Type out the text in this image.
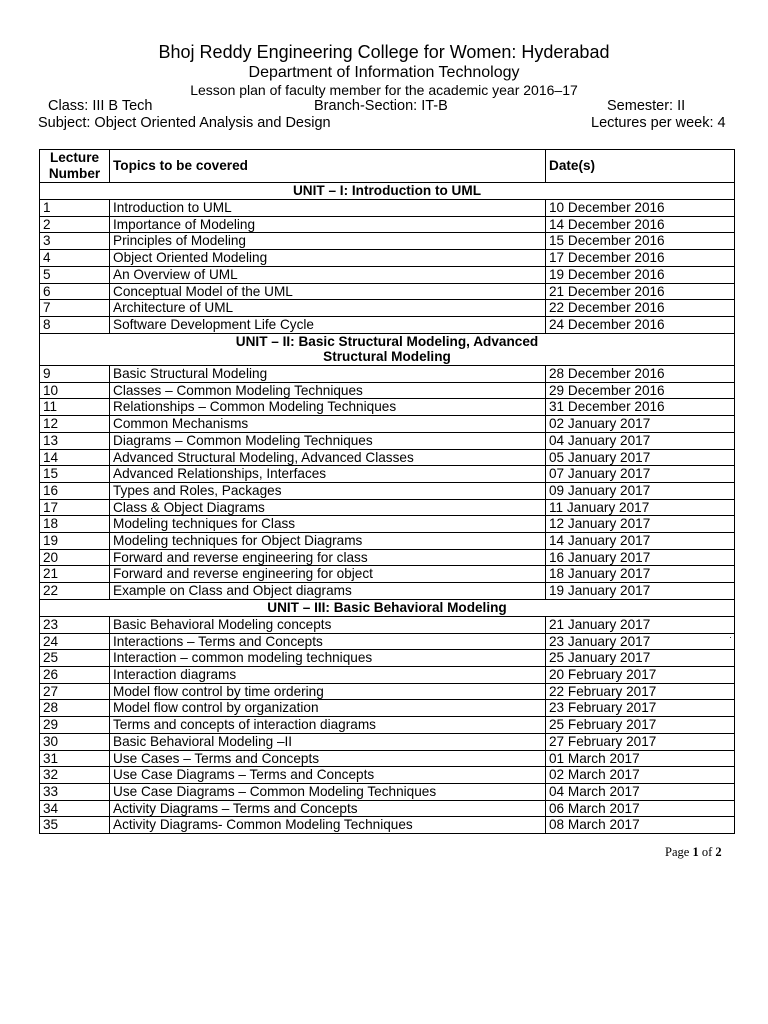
Bhoj Reddy Engineering College for Women: Hyderabad
Department of Information Technology
Lesson plan of faculty member for the academic year 2016–17
Class: III B Tech	Branch-Section: IT-B	Semester: II
Subject: Object Oriented Analysis and Design	Lectures per week: 4
Lecture
Number	Topics to be covered	Date(s)
UNIT – I: Introduction to UML		
1	Introduction to UML	10 December 2016
2	Importance of Modeling	14 December 2016
3	Principles of Modeling	15 December 2016
4	Object Oriented Modeling	17 December 2016
5	An Overview of UML	19 December 2016
6	Conceptual Model of the UML	21 December 2016
7	Architecture of UML	22 December 2016
8	Software Development Life Cycle	24 December 2016
UNIT – II: Basic Structural Modeling, Advanced
Structural Modeling		
9	Basic Structural Modeling	28 December 2016
10	Classes – Common Modeling Techniques	29 December 2016
11	Relationships – Common Modeling Techniques	31 December 2016
12	Common Mechanisms	02 January 2017
13	Diagrams – Common Modeling Techniques	04 January 2017
14	Advanced Structural Modeling, Advanced Classes	05 January 2017
15	Advanced Relationships, Interfaces	07 January 2017
16	Types and Roles, Packages	09 January 2017
17	Class & Object Diagrams	11 January 2017
18	Modeling techniques for Class	12 January 2017
19	Modeling techniques for Object Diagrams	14 January 2017
20	Forward and reverse engineering for class	16 January 2017
21	Forward and reverse engineering for object	18 January 2017
22	Example on Class and Object diagrams	19 January 2017
UNIT – III: Basic Behavioral Modeling		
23	Basic Behavioral Modeling concepts	21 January 2017
24	Interactions – Terms and Concepts	23 January 2017
25	Interaction – common modeling techniques	25 January 2017
26	Interaction diagrams	20 February 2017
27	Model flow control by time ordering	22 February 2017
28	Model flow control by organization	23 February 2017
29	Terms and concepts of interaction diagrams	25 February 2017
30	Basic Behavioral Modeling –II	27 February 2017
31	Use Cases – Terms and Concepts	01 March 2017
32	Use Case Diagrams – Terms and Concepts	02 March 2017
33	Use Case Diagrams – Common Modeling Techniques	04 March 2017
34	Activity Diagrams – Terms and Concepts	06 March 2017
35	Activity Diagrams- Common Modeling Techniques	08 March 2017
·
Page 1 of 2
